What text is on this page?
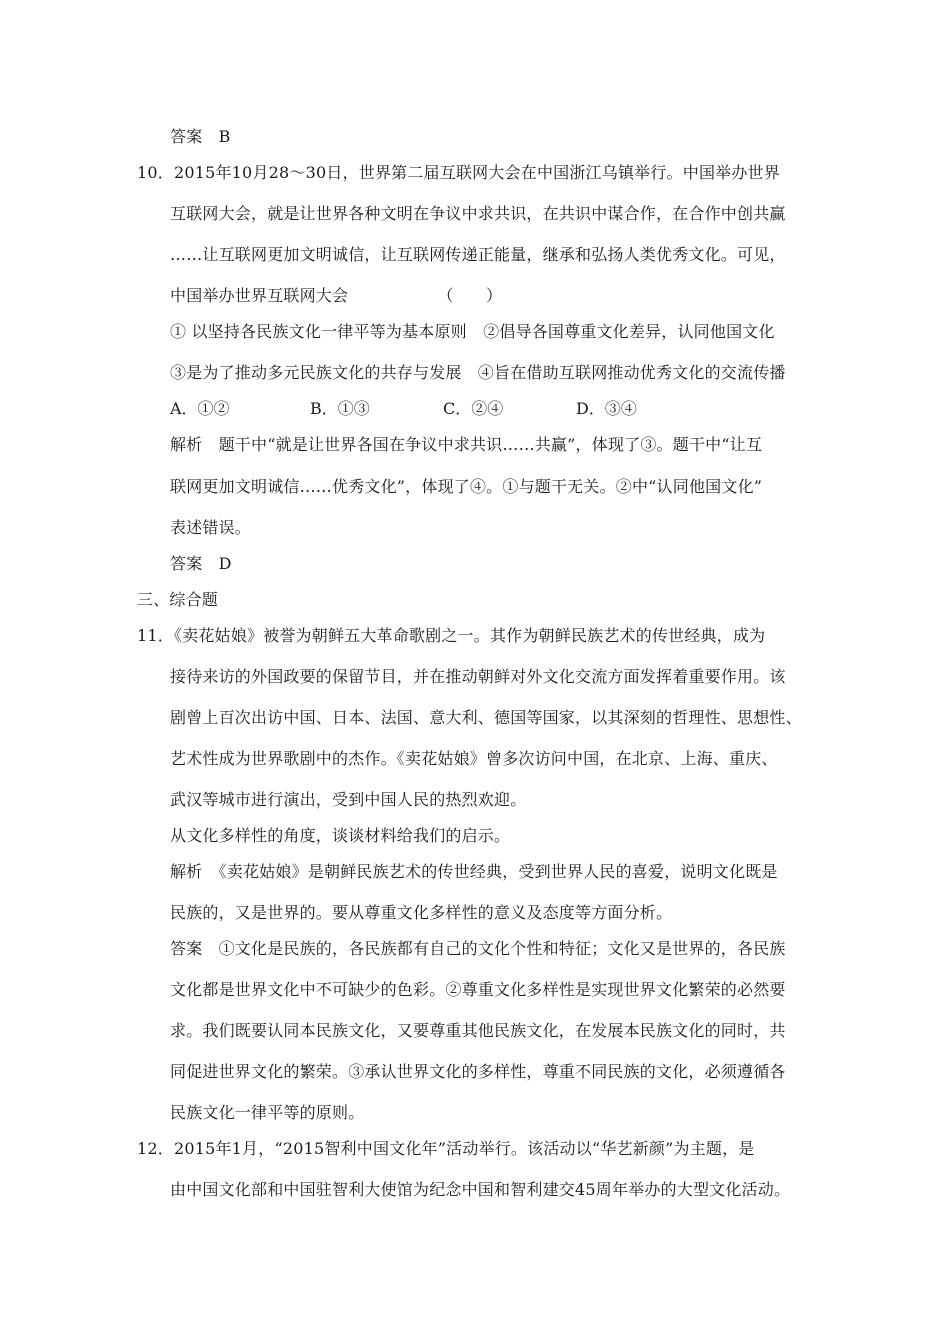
答案　B
10．2015年10月28～30日，世界第二届互联网大会在中国浙江乌镇举行。中国举办世界
互联网大会，就是让世界各种文明在争议中求共识，在共识中谋合作，在合作中创共赢
……让互联网更加文明诚信，让互联网传递正能量，继承和弘扬人类优秀文化。可见，
中国举办世界互联网大会　　　　　　（　　）
① 以坚持各民族文化一律平等为基本原则　②倡导各国尊重文化差异，认同他国文化
③是为了推动多元民族文化的共存与发展　④旨在借助互联网推动优秀文化的交流传播
A．①②	B．①③	C．②④	D．③④
解析　题干中“就是让世界各国在争议中求共识……共赢”，体现了③。题干中“让互
联网更加文明诚信……优秀文化”，体现了④。①与题干无关。②中“认同他国文化”
表述错误。
答案　D
三、综合题
11．《卖花姑娘》被誉为朝鲜五大革命歌剧之一。其作为朝鲜民族艺术的传世经典，成为
接待来访的外国政要的保留节目，并在推动朝鲜对外文化交流方面发挥着重要作用。该
剧曾上百次出访中国、日本、法国、意大利、德国等国家，以其深刻的哲理性、思想性、
艺术性成为世界歌剧中的杰作。《卖花姑娘》曾多次访问中国，在北京、上海、重庆、
武汉等城市进行演出，受到中国人民的热烈欢迎。
从文化多样性的角度，谈谈材料给我们的启示。
解析　《卖花姑娘》是朝鲜民族艺术的传世经典，受到世界人民的喜爱，说明文化既是
民族的，又是世界的。要从尊重文化多样性的意义及态度等方面分析。
答案　①文化是民族的，各民族都有自己的文化个性和特征；文化又是世界的，各民族
文化都是世界文化中不可缺少的色彩。②尊重文化多样性是实现世界文化繁荣的必然要
求。我们既要认同本民族文化，又要尊重其他民族文化，在发展本民族文化的同时，共
同促进世界文化的繁荣。③承认世界文化的多样性，尊重不同民族的文化，必须遵循各
民族文化一律平等的原则。
12．2015年1月，“2015智利中国文化年”活动举行。该活动以“华艺新颜”为主题，是
由中国文化部和中国驻智利大使馆为纪念中国和智利建交45周年举办的大型文化活动。
